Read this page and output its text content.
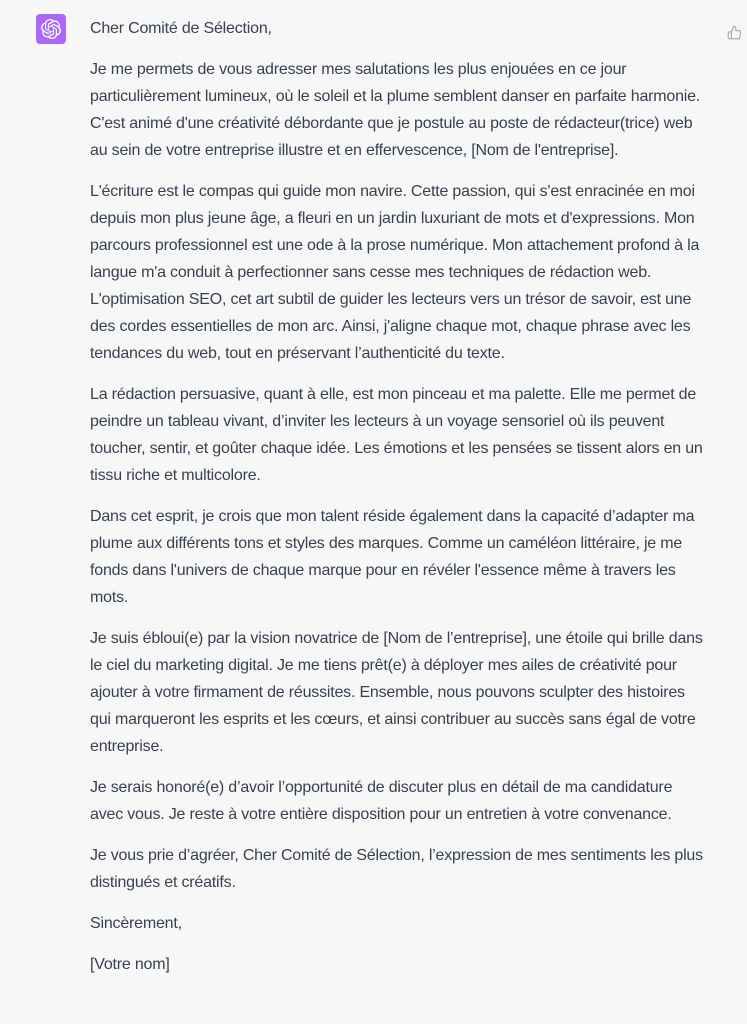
Cher Comité de Sélection,

Je me permets de vous adresser mes salutations les plus enjouées en ce jour particulièrement lumineux, où le soleil et la plume semblent danser en parfaite harmonie. C'est animé d'une créativité débordante que je postule au poste de rédacteur(trice) web au sein de votre entreprise illustre et en effervescence, [Nom de l'entreprise].

L'écriture est le compas qui guide mon navire. Cette passion, qui s'est enracinée en moi depuis mon plus jeune âge, a fleuri en un jardin luxuriant de mots et d'expressions. Mon parcours professionnel est une ode à la prose numérique. Mon attachement profond à la langue m'a conduit à perfectionner sans cesse mes techniques de rédaction web. L'optimisation SEO, cet art subtil de guider les lecteurs vers un trésor de savoir, est une des cordes essentielles de mon arc. Ainsi, j'aligne chaque mot, chaque phrase avec les tendances du web, tout en préservant l’authenticité du texte.

La rédaction persuasive, quant à elle, est mon pinceau et ma palette. Elle me permet de peindre un tableau vivant, d’inviter les lecteurs à un voyage sensoriel où ils peuvent toucher, sentir, et goûter chaque idée. Les émotions et les pensées se tissent alors en un tissu riche et multicolore.

Dans cet esprit, je crois que mon talent réside également dans la capacité d’adapter ma plume aux différents tons et styles des marques. Comme un caméléon littéraire, je me fonds dans l'univers de chaque marque pour en révéler l'essence même à travers les mots.

Je suis ébloui(e) par la vision novatrice de [Nom de l’entreprise], une étoile qui brille dans le ciel du marketing digital. Je me tiens prêt(e) à déployer mes ailes de créativité pour ajouter à votre firmament de réussites. Ensemble, nous pouvons sculpter des histoires qui marqueront les esprits et les cœurs, et ainsi contribuer au succès sans égal de votre entreprise.

Je serais honoré(e) d’avoir l’opportunité de discuter plus en détail de ma candidature avec vous. Je reste à votre entière disposition pour un entretien à votre convenance.

Je vous prie d’agréer, Cher Comité de Sélection, l’expression de mes sentiments les plus distingués et créatifs.

Sincèrement,

[Votre nom]
